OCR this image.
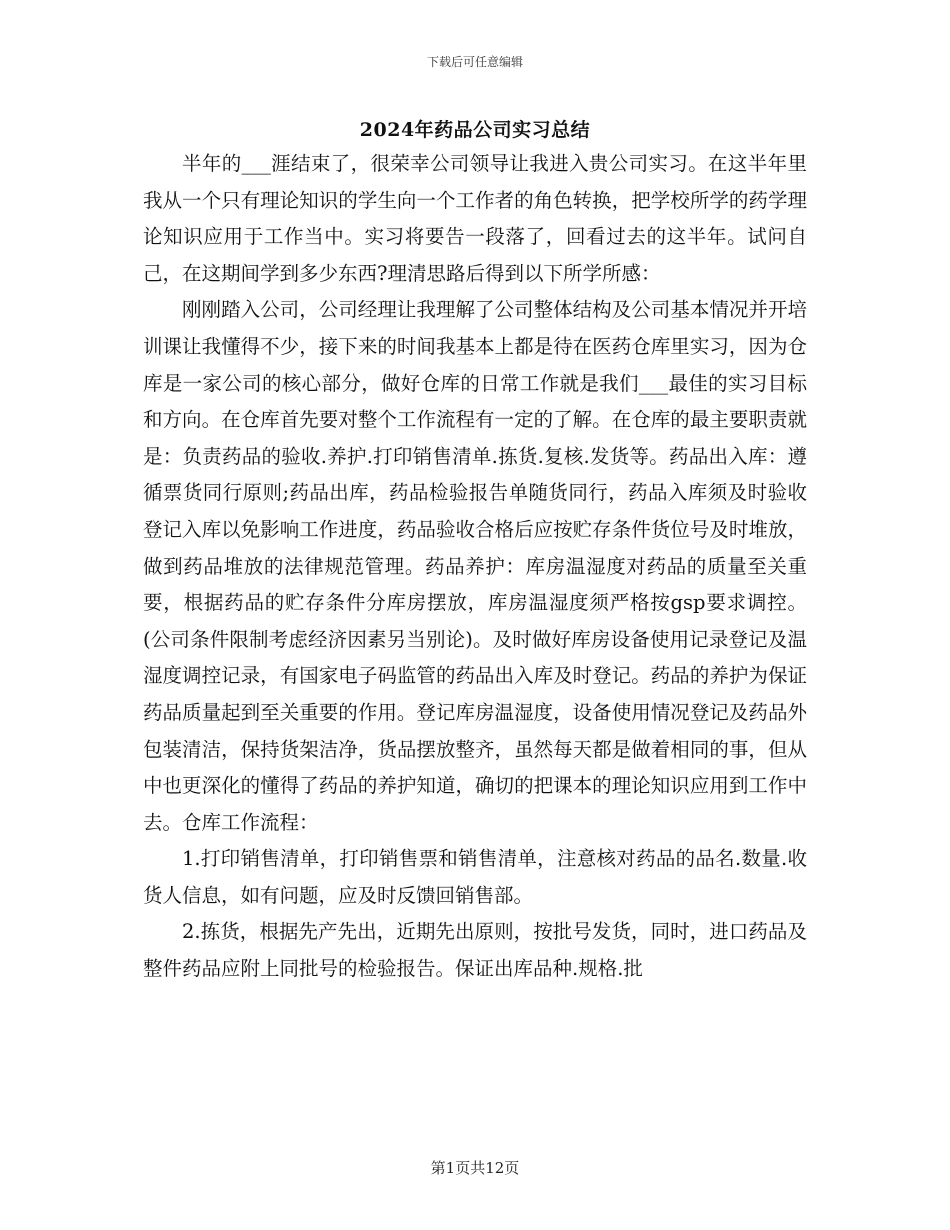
下载后可任意编辑
2024年药品公司实习总结

半年的___涯结束了，很荣幸公司领导让我进入贵公司实习。在这半年里我从一个只有理论知识的学生向一个工作者的角色转换，把学校所学的药学理论知识应用于工作当中。实习将要告一段落了，回看过去的这半年。试问自己，在这期间学到多少东西?理清思路后得到以下所学所感：

刚刚踏入公司，公司经理让我理解了公司整体结构及公司基本情况并开培训课让我懂得不少，接下来的时间我基本上都是待在医药仓库里实习，因为仓库是一家公司的核心部分，做好仓库的日常工作就是我们___最佳的实习目标和方向。在仓库首先要对整个工作流程有一定的了解。在仓库的最主要职责就是：负责药品的验收.养护.打印销售清单.拣货.复核.发货等。药品出入库：遵循票货同行原则;药品出库，药品检验报告单随货同行，药品入库须及时验收登记入库以免影响工作进度，药品验收合格后应按贮存条件货位号及时堆放，做到药品堆放的法律规范管理。药品养护：库房温湿度对药品的质量至关重要，根据药品的贮存条件分库房摆放，库房温湿度须严格按gsp要求调控。(公司条件限制考虑经济因素另当别论)。及时做好库房设备使用记录登记及温湿度调控记录，有国家电子码监管的药品出入库及时登记。药品的养护为保证药品质量起到至关重要的作用。登记库房温湿度，设备使用情况登记及药品外包装清洁，保持货架洁净，货品摆放整齐，虽然每天都是做着相同的事，但从中也更深化的懂得了药品的养护知道，确切的把课本的理论知识应用到工作中去。仓库工作流程：

1.打印销售清单，打印销售票和销售清单，注意核对药品的品名.数量.收货人信息，如有问题，应及时反馈回销售部。

2.拣货，根据先产先出，近期先出原则，按批号发货，同时，进口药品及整件药品应附上同批号的检验报告。保证出库品种.规格.批

第1页共12页
